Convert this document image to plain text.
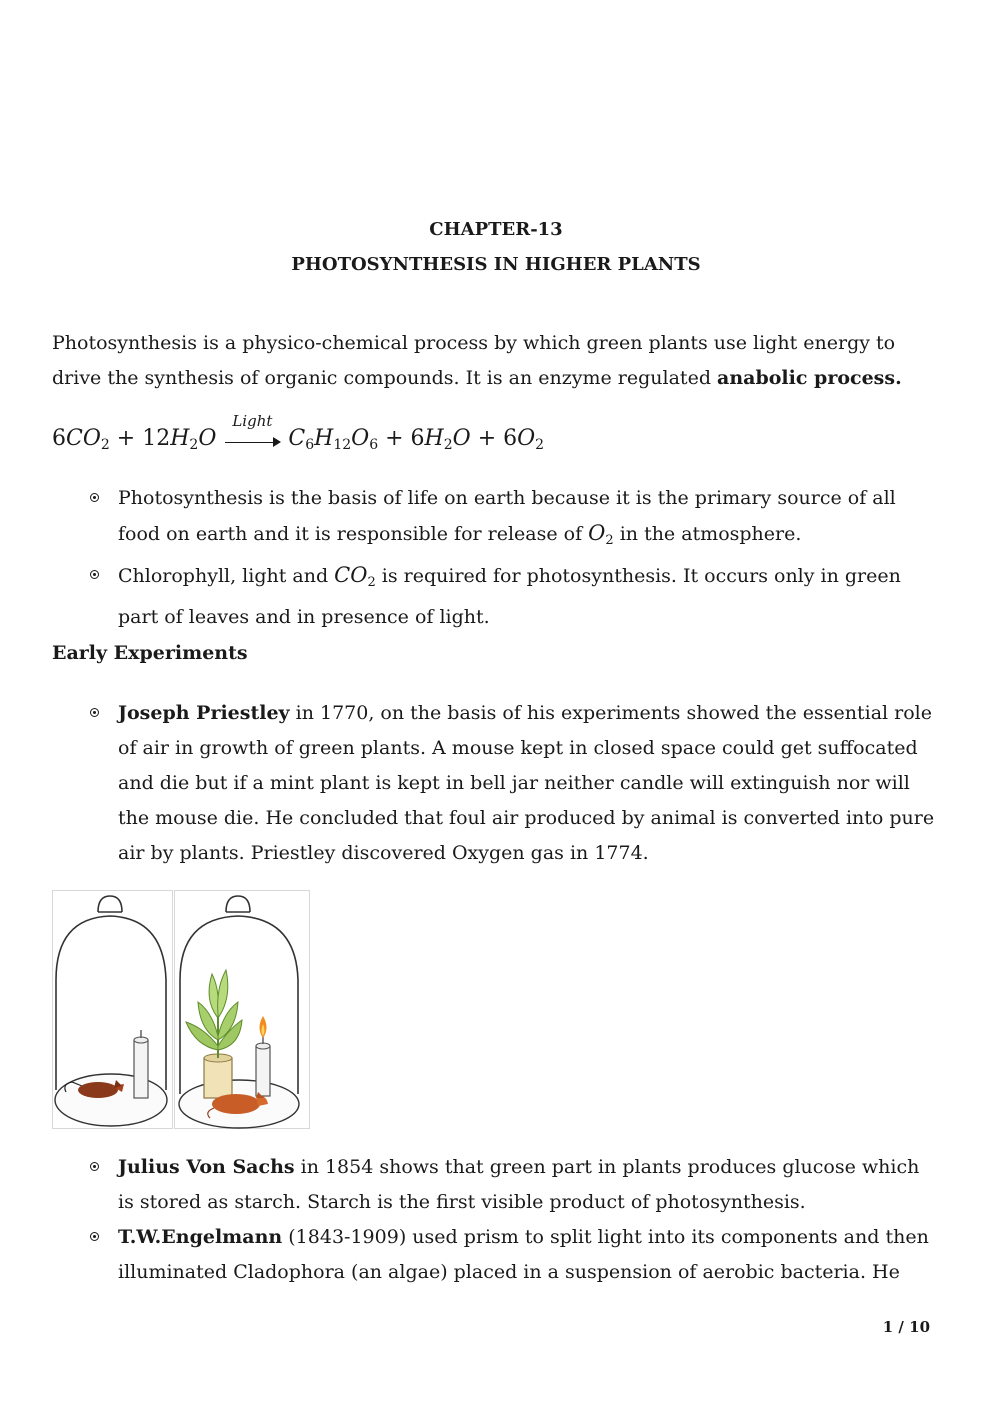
CHAPTER-13
PHOTOSYNTHESIS IN HIGHER PLANTS
Photosynthesis is a physico-chemical process by which green plants use light energy to drive the synthesis of organic compounds. It is an enzyme regulated anabolic process.
$6CO_2 + 12H_2O$
Light
$C_6H_{12}O_6 + 6H_2O + 6O_2$
Photosynthesis is the basis of life on earth because it is the primary source of all food on earth and it is responsible for release of $O_2$ in the atmosphere.
Chlorophyll, light and $CO_2$ is required for photosynthesis. It occurs only in green part of leaves and in presence of light.
Early Experiments
Joseph Priestley in 1770, on the basis of his experiments showed the essential role of air in growth of green plants. A mouse kept in closed space could get suffocated and die but if a mint plant is kept in bell jar neither candle will extinguish nor will the mouse die. He concluded that foul air produced by animal is converted into pure air by plants. Priestley discovered Oxygen gas in 1774.
Julius Von Sachs in 1854 shows that green part in plants produces glucose which is stored as starch. Starch is the first visible product of photosynthesis.
T.W.Engelmann (1843-1909) used prism to split light into its components and then illuminated Cladophora (an algae) placed in a suspension of aerobic bacteria. He
1 / 10
